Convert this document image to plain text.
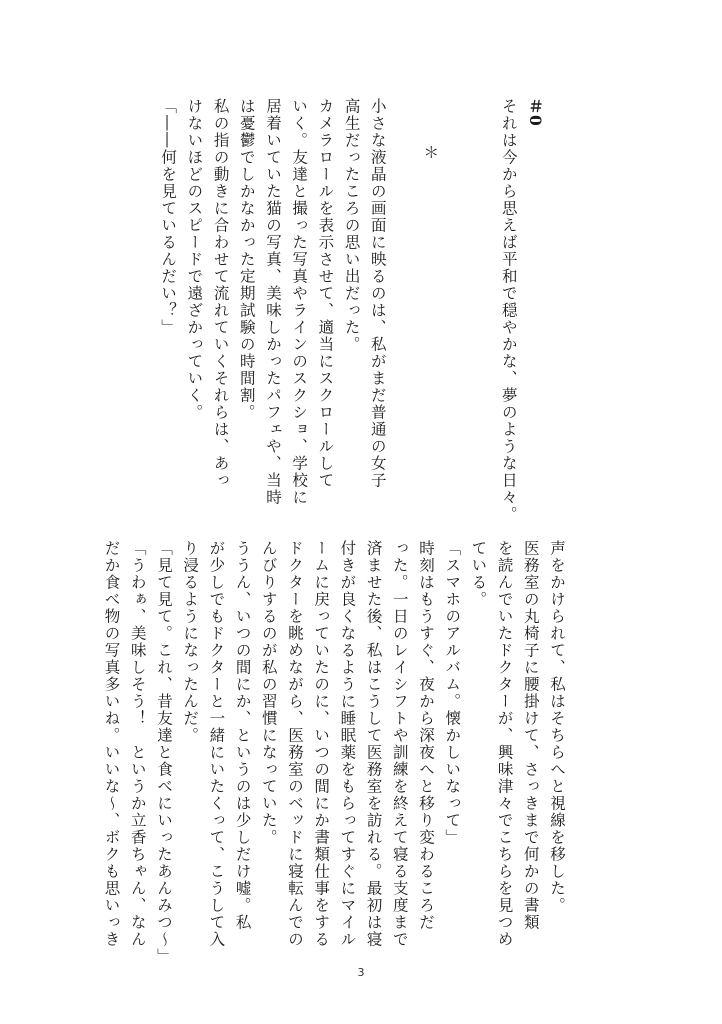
＃0
それは今から思えば平和で穏やかな、夢のような日々。
＊
小さな液晶の画面に映るのは、私がまだ普通の女子
高生だったころの思い出だった。
カメラロールを表示させて、適当にスクロールして
いく。友達と撮った写真やラインのスクショ、学校に
居着いていた猫の写真、美味しかったパフェや、当時
は憂鬱でしかなかった定期試験の時間割。
私の指の動きに合わせて流れていくそれらは、あっ
けないほどのスピードで遠ざかっていく。
「――何を見ているんだい？」
声をかけられて、私はそちらへと視線を移した。
医務室の丸椅子に腰掛けて、さっきまで何かの書類
を読んでいたドクターが、興味津々でこちらを見つめ
ている。
「スマホのアルバム。懐かしいなって」
時刻はもうすぐ、夜から深夜へと移り変わるころだ
った。一日のレイシフトや訓練を終えて寝る支度まで
済ませた後、私はこうして医務室を訪れる。最初は寝
付きが良くなるように睡眠薬をもらってすぐにマイル
ームに戻っていたのに、いつの間にか書類仕事をする
ドクターを眺めながら、医務室のベッドに寝転んでの
んびりするのが私の習慣になっていた。
ううん、いつの間にか、というのは少しだけ嘘。私
が少しでもドクターと一緒にいたくって、こうして入
り浸るようになったんだ。
「見て見て。これ、昔友達と食べにいったあんみつ～」
「うわぁ、美味しそう！　というか立香ちゃん、なん
だか食べ物の写真多いね。いいな～、ボクも思いっき
3
